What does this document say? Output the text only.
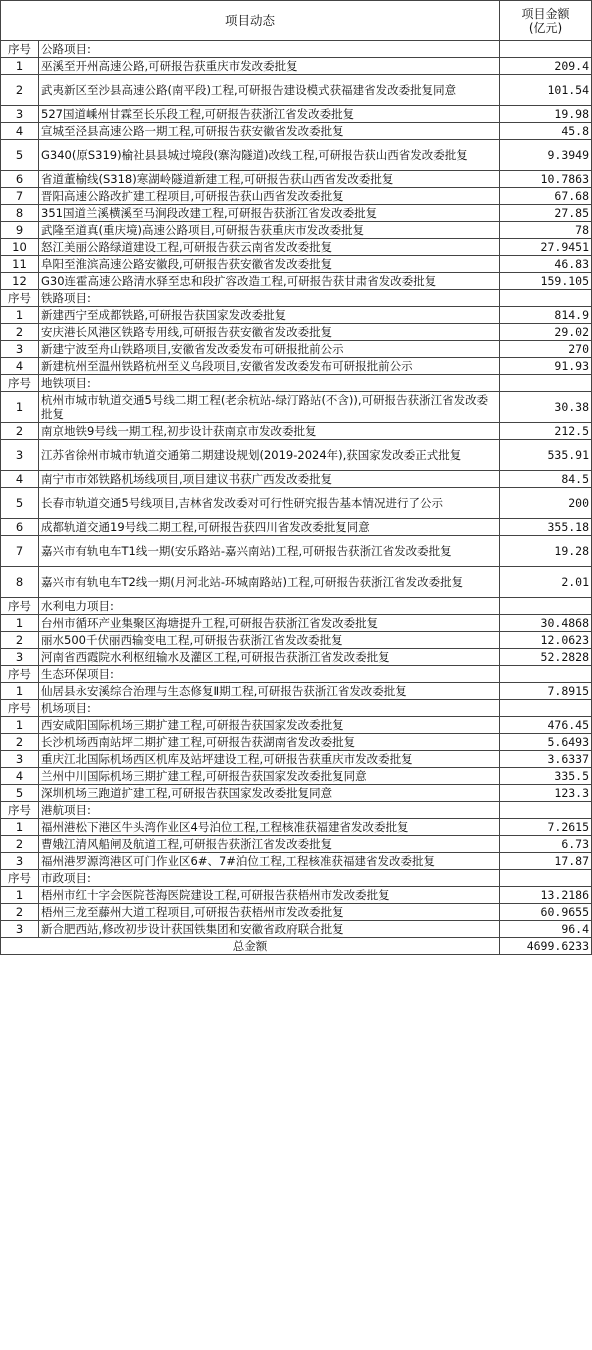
项目动态		项目金额
(亿元)

序号	公路项目:	
1	巫溪至开州高速公路,可研报告获重庆市发改委批复	209.4
2	武夷新区至沙县高速公路(南平段)工程,可研报告建设模式获福建省发改委批复同意	101.54
3	527国道嵊州甘霖至长乐段工程,可研报告获浙江省发改委批复	19.98
4	宣城至泾县高速公路一期工程,可研报告获安徽省发改委批复	45.8
5	G340(原S319)榆社县县城过境段(寨沟隧道)改线工程,可研报告获山西省发改委批复	9.3949
6	省道董榆线(S318)寒湖岭隧道新建工程,可研报告获山西省发改委批复	10.7863
7	晋阳高速公路改扩建工程项目,可研报告获山西省发改委批复	67.68
8	351国道兰溪横溪至马涧段改建工程,可研报告获浙江省发改委批复	27.85
9	武隆至道真(重庆境)高速公路项目,可研报告获重庆市发改委批复	78
10	怒江美丽公路绿道建设工程,可研报告获云南省发改委批复	27.9451
11	阜阳至淮滨高速公路安徽段,可研报告获安徽省发改委批复	46.83
12	G30连霍高速公路清水驿至忠和段扩容改造工程,可研报告获甘肃省发改委批复	159.105
序号	铁路项目:	
1	新建西宁至成都铁路,可研报告获国家发改委批复	814.9
2	安庆港长风港区铁路专用线,可研报告获安徽省发改委批复	29.02
3	新建宁波至舟山铁路项目,安徽省发改委发布可研报批前公示	270
4	新建杭州至温州铁路杭州至义乌段项目,安徽省发改委发布可研报批前公示	91.93
序号	地铁项目:	
1	杭州市城市轨道交通5号线二期工程(老余杭站-绿汀路站(不含)),可研报告获浙江省发改委批复	30.38
2	南京地铁9号线一期工程,初步设计获南京市发改委批复	212.5
3	江苏省徐州市城市轨道交通第二期建设规划(2019-2024年),获国家发改委正式批复	535.91
4	南宁市市郊铁路机场线项目,项目建议书获广西发改委批复	84.5
5	长春市轨道交通5号线项目,吉林省发改委对可行性研究报告基本情况进行了公示	200
6	成都轨道交通19号线二期工程,可研报告获四川省发改委批复同意	355.18
7	嘉兴市有轨电车T1线一期(安乐路站-嘉兴南站)工程,可研报告获浙江省发改委批复	19.28
8	嘉兴市有轨电车T2线一期(月河北站-环城南路站)工程,可研报告获浙江省发改委批复	2.01
序号	水利电力项目:	
1	台州市循环产业集聚区海塘提升工程,可研报告获浙江省发改委批复	30.4868
2	丽水500千伏丽西输变电工程,可研报告获浙江省发改委批复	12.0623
3	河南省西霞院水利枢纽输水及灌区工程,可研报告获浙江省发改委批复	52.2828
序号	生态环保项目:	
1	仙居县永安溪综合治理与生态修复Ⅱ期工程,可研报告获浙江省发改委批复	7.8915
序号	机场项目:	
1	西安咸阳国际机场三期扩建工程,可研报告获国家发改委批复	476.45
2	长沙机场西南站坪二期扩建工程,可研报告获湖南省发改委批复	5.6493
3	重庆江北国际机场西区机库及站坪建设工程,可研报告获重庆市发改委批复	3.6337
4	兰州中川国际机场三期扩建工程,可研报告获国家发改委批复同意	335.5
5	深圳机场三跑道扩建工程,可研报告获国家发改委批复同意	123.3
序号	港航项目:	
1	福州港松下港区牛头湾作业区4号泊位工程,工程核准获福建省发改委批复	7.2615
2	曹娥江清风船闸及航道工程,可研报告获浙江省发改委批复	6.73
3	福州港罗源湾港区可门作业区6#、7#泊位工程,工程核准获福建省发改委批复	17.87
序号	市政项目:	
1	梧州市红十字会医院苍海医院建设工程,可研报告获梧州市发改委批复	13.2186
2	梧州三龙至藤州大道工程项目,可研报告获梧州市发改委批复	60.9655
3	新合肥西站,修改初步设计获国铁集团和安徽省政府联合批复	96.4
总金额		4699.6233
